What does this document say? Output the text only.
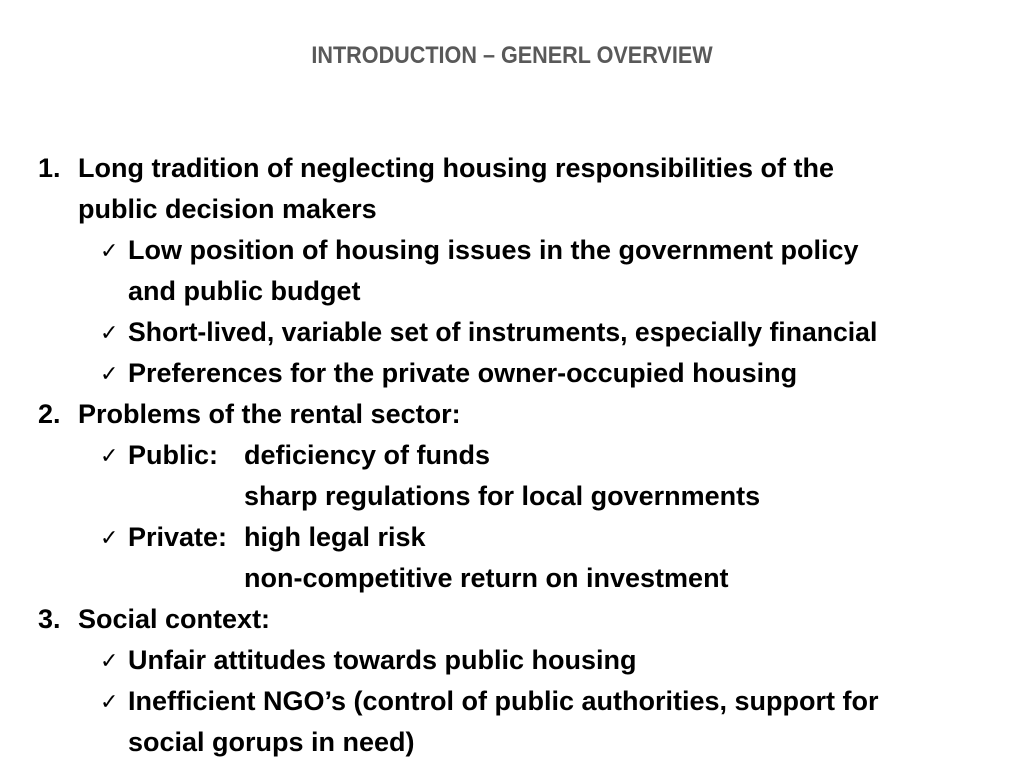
INTRODUCTION – GENERL OVERVIEW
1. Long tradition of neglecting housing responsibilities of the
public decision makers
✓ Low position of housing issues in the government policy
and public budget
✓ Short-lived, variable set of instruments, especially financial
✓ Preferences for the private owner-occupied housing
2. Problems of the rental sector:
✓ Public: deficiency of funds
sharp regulations for local governments
✓ Private: high legal risk
non-competitive return on investment
3. Social context:
✓ Unfair attitudes towards public housing
✓ Inefficient NGO’s (control of public authorities, support for
social gorups in need)
